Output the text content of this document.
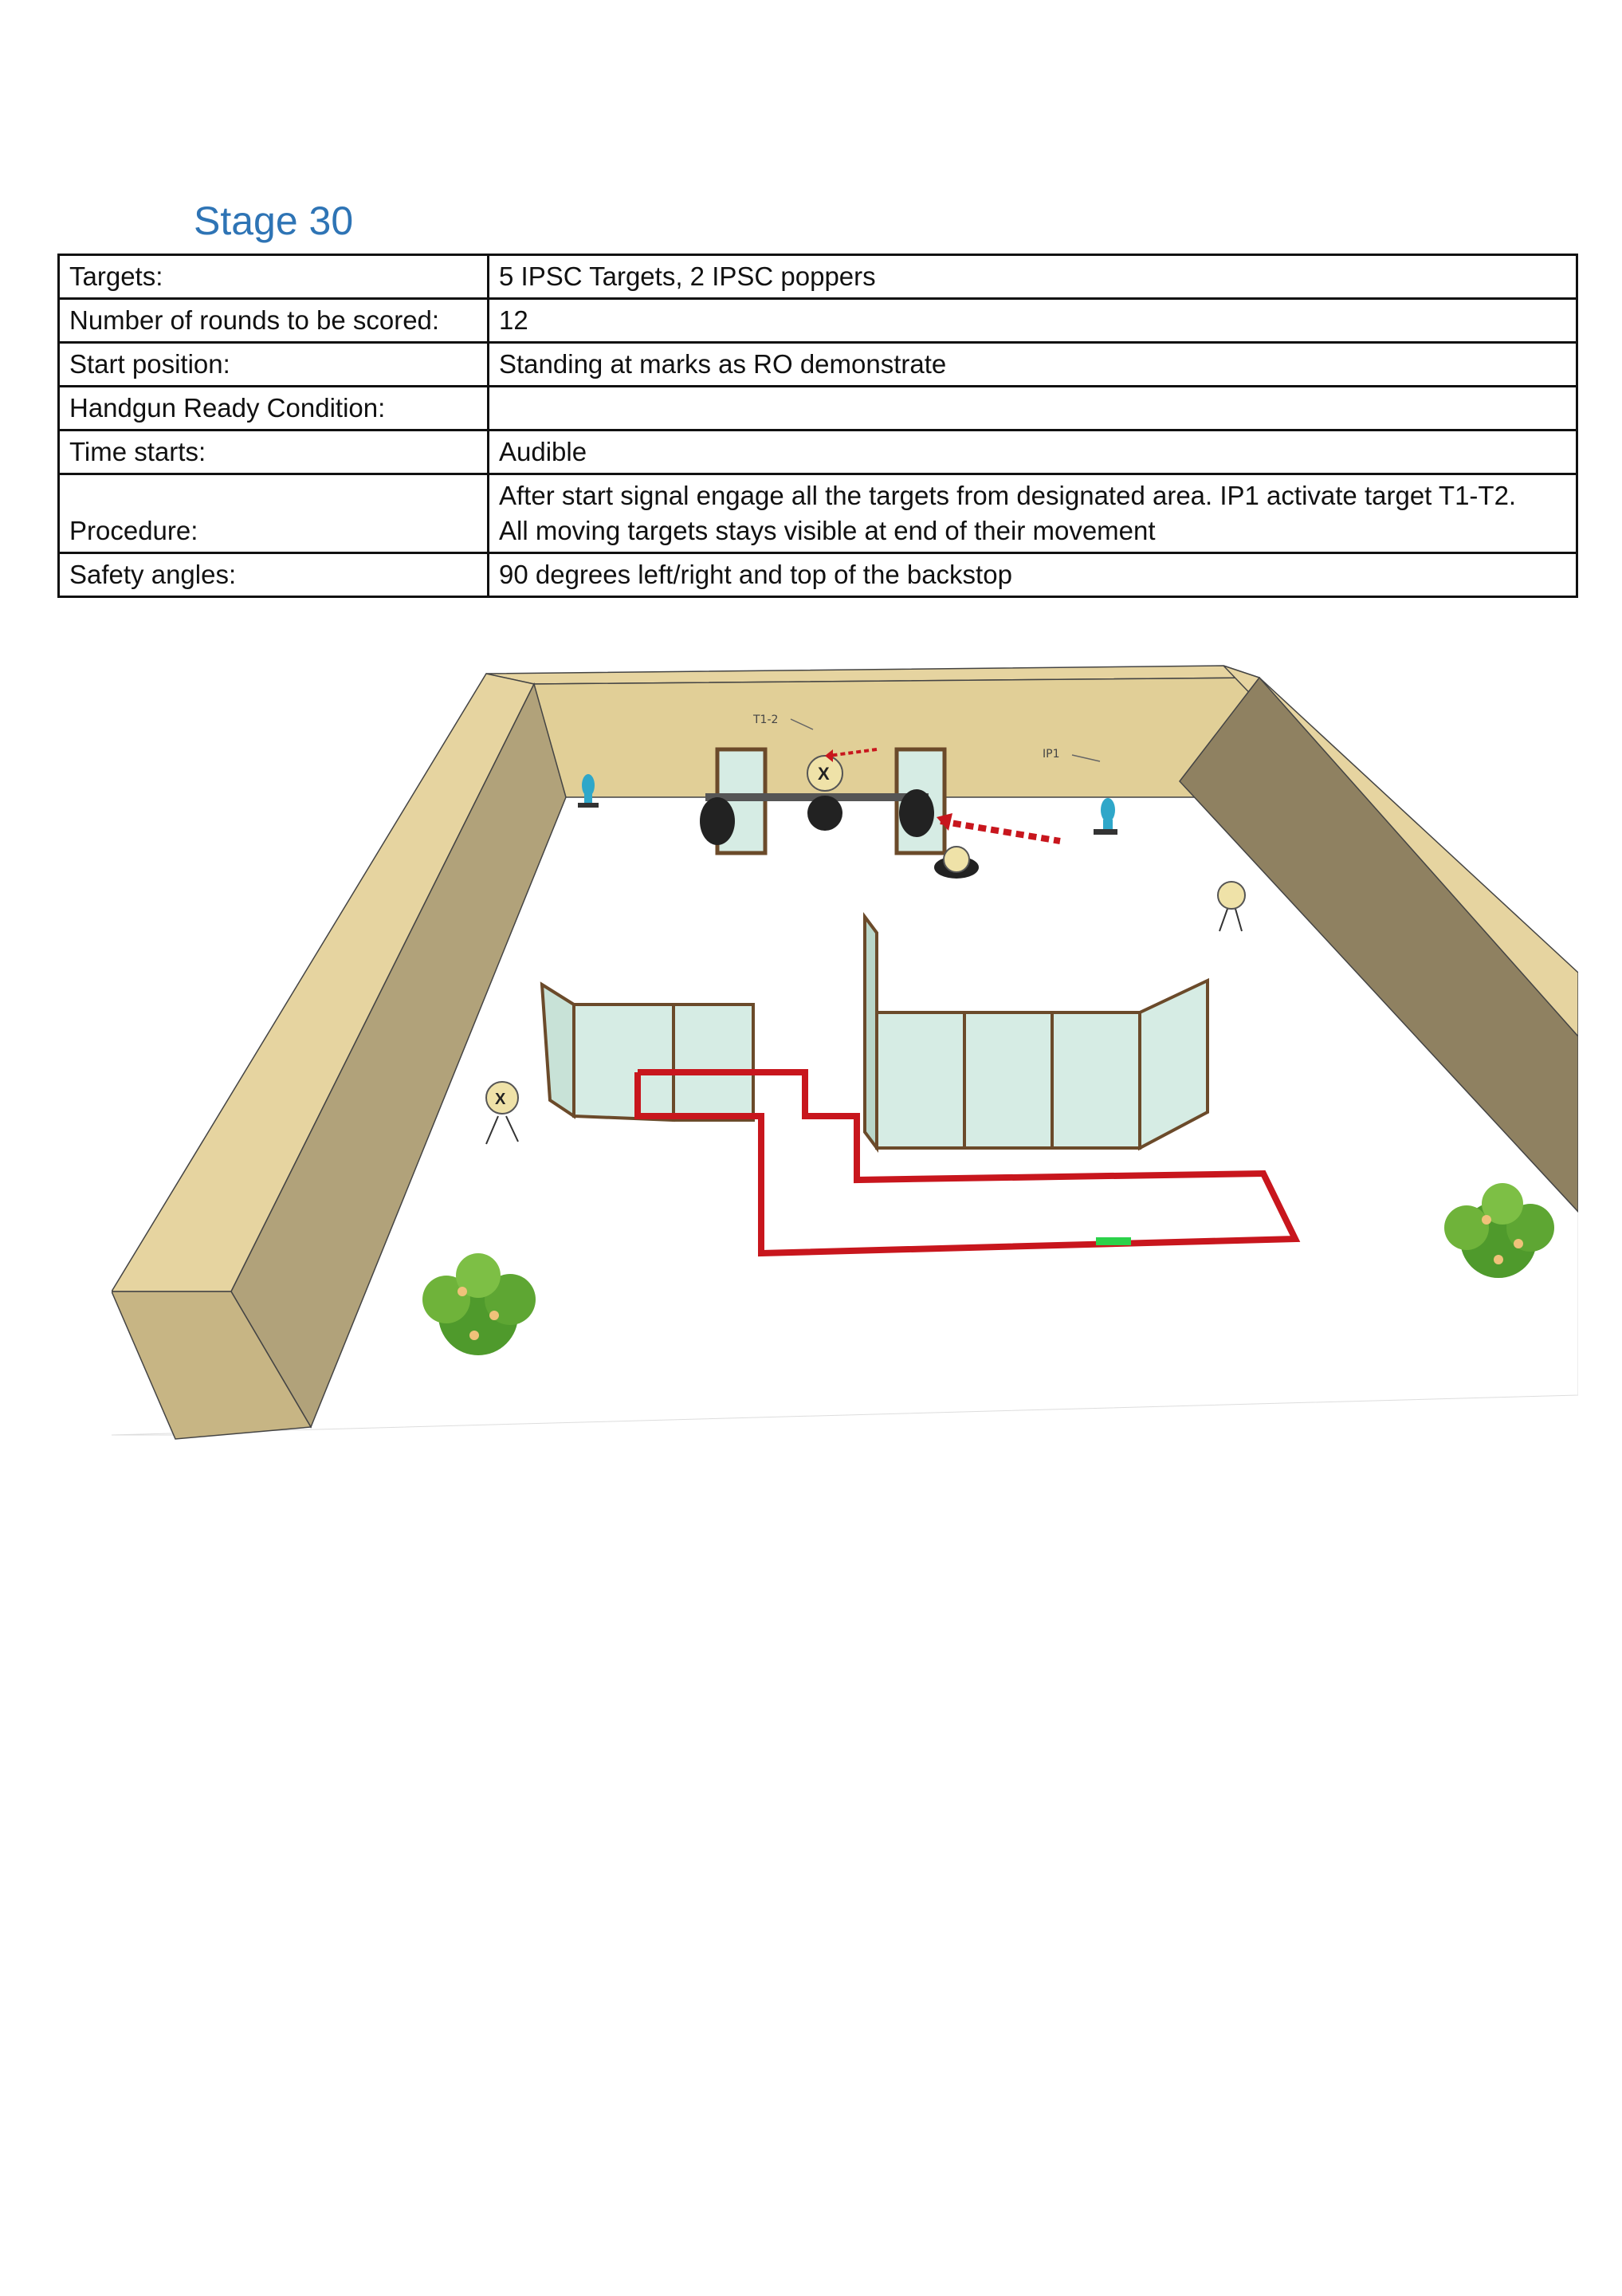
Stage 30
Targets:	5 IPSC Targets, 2 IPSC poppers
Number of rounds to be scored:	12
Start position:	Standing at marks as RO demonstrate
Handgun Ready Condition:	
Time starts:	Audible
Procedure:	After start signal engage all the targets from designated area. IP1 activate target T1-T2.
All moving targets stays visible at end of their movement

Safety angles:	90 degrees left/right and top of the backstop
X
T1-2
IP1
X
